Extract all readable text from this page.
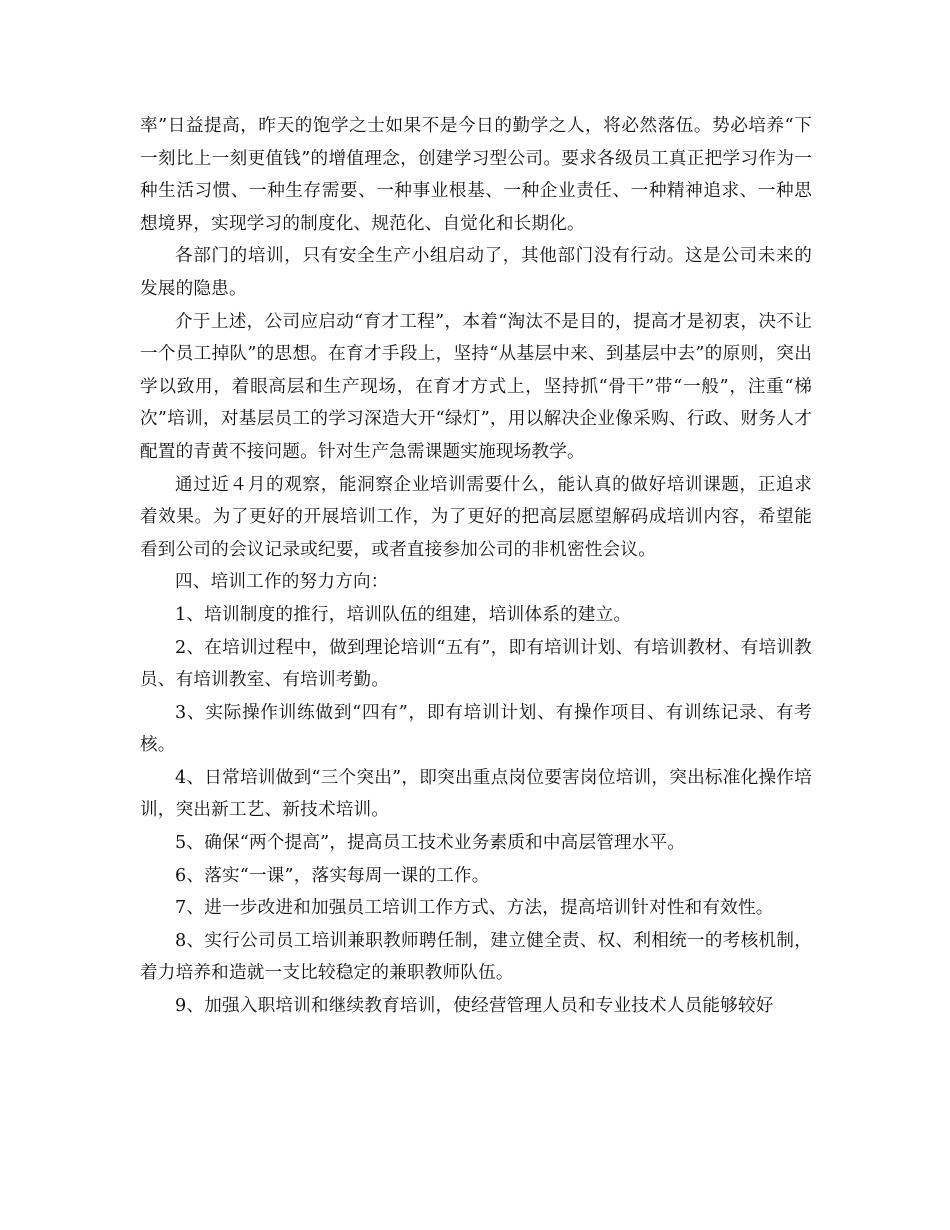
率”日益提高，昨天的饱学之士如果不是今日的勤学之人，将必然落伍。势必培养“下一刻比上一刻更值钱”的增值理念，创建学习型公司。要求各级员工真正把学习作为一种生活习惯、一种生存需要、一种事业根基、一种企业责任、一种精神追求、一种思想境界，实现学习的制度化、规范化、自觉化和长期化。

各部门的培训，只有安全生产小组启动了，其他部门没有行动。这是公司未来的发展的隐患。

介于上述，公司应启动“育才工程”，本着“淘汰不是目的，提高才是初衷，决不让一个员工掉队”的思想。在育才手段上，坚持“从基层中来、到基层中去”的原则，突出学以致用，着眼高层和生产现场，在育才方式上，坚持抓“骨干”带“一般”，注重“梯次”培训，对基层员工的学习深造大开“绿灯”，用以解决企业像采购、行政、财务人才配置的青黄不接问题。针对生产急需课题实施现场教学。

通过近４月的观察，能洞察企业培训需要什么，能认真的做好培训课题，正追求着效果。为了更好的开展培训工作，为了更好的把高层愿望解码成培训内容，希望能看到公司的会议记录或纪要，或者直接参加公司的非机密性会议。

四、培训工作的努力方向：

1、培训制度的推行，培训队伍的组建，培训体系的建立。

2、在培训过程中，做到理论培训“五有”，即有培训计划、有培训教材、有培训教员、有培训教室、有培训考勤。

3、实际操作训练做到“四有”，即有培训计划、有操作项目、有训练记录、有考核。

4、日常培训做到“三个突出”，即突出重点岗位要害岗位培训，突出标准化操作培训，突出新工艺、新技术培训。

5、确保“两个提高”，提高员工技术业务素质和中高层管理水平。

6、落实“一课”，落实每周一课的工作。

7、进一步改进和加强员工培训工作方式、方法，提高培训针对性和有效性。

8、实行公司员工培训兼职教师聘任制，建立健全责、权、利相统一的考核机制，着力培养和造就一支比较稳定的兼职教师队伍。

9、加强入职培训和继续教育培训，使经营管理人员和专业技术人员能够较好
